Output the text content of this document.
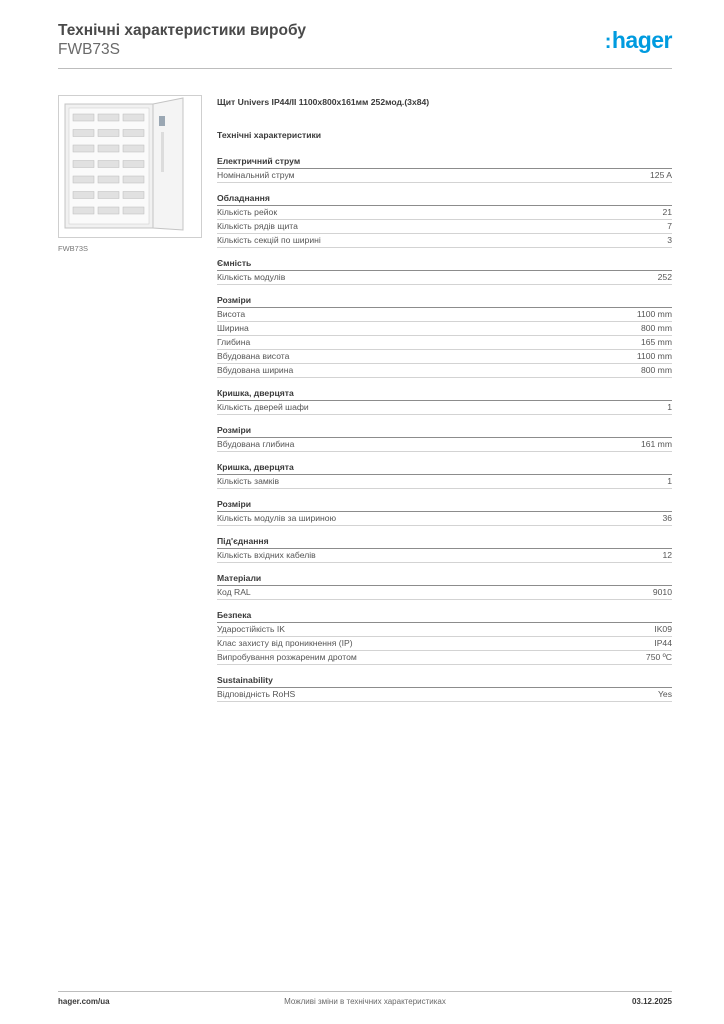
Технічні характеристики виробу
FWB73S	:hager
FWB73S
Щит Univers IP44/II 1100x800x161мм 252мод.(3x84)
Технічні характеристики
Електричний струм
Номінальний струм	125 A
Обладнання
Кількість рейок	21
Кількість рядів щита	7
Кількість секцій по ширині	3
Ємність
Кількість модулів	252
Розміри
Висота	1100 mm
Ширина	800 mm
Глибина	165 mm
Вбудована висота	1100 mm
Вбудована ширина	800 mm
Кришка, дверцята
Кількість дверей шафи	1
Розміри
Вбудована глибина	161 mm
Кришка, дверцята
Кількість замків	1
Розміри
Кількість модулів за шириною	36
Під'єднання
Кількість вхідних кабелів	12
Матеріали
Код RAL	9010
Безпека
Ударостійкість IK	IK09
Клас захисту від проникнення (IP)	IP44
Випробування розжареним дротом	750 ºC
Sustainability
Відповідність RoHS	Yes
hager.com/ua	Можливі зміни в технічних характеристиках	03.12.2025
